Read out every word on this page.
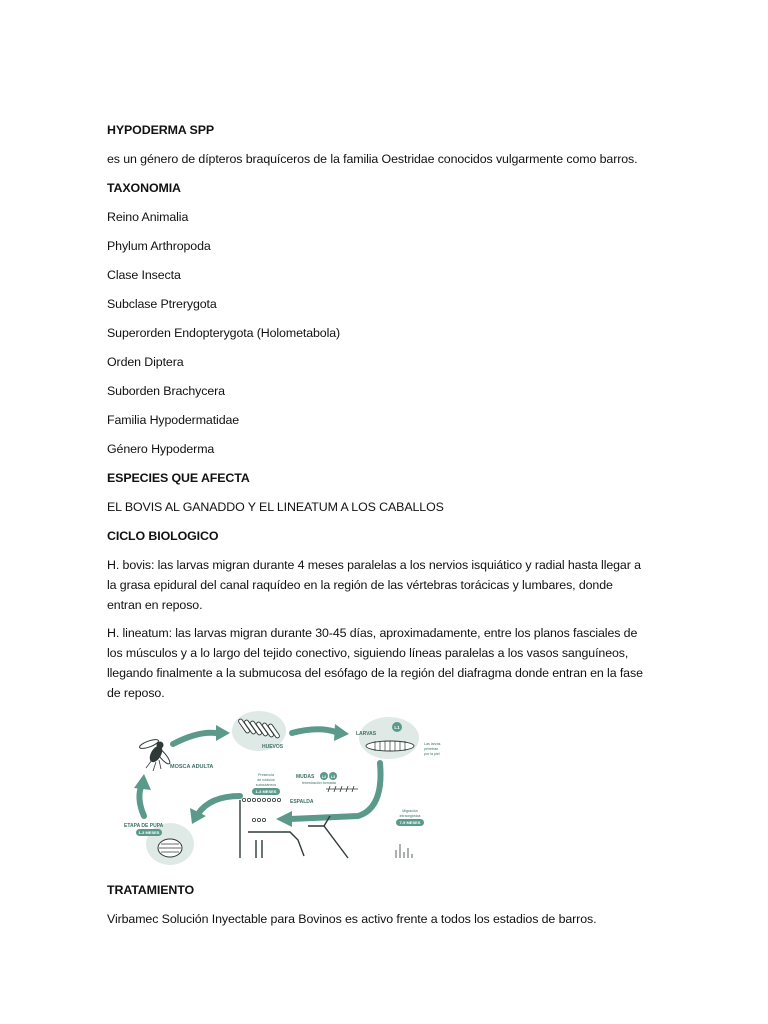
HYPODERMA SPP
es un género de dípteros braquíceros de la familia Oestridae conocidos vulgarmente como barros.
TAXONOMIA
Reino Animalia
Phylum Arthropoda
Clase Insecta
Subclase Ptrerygota
Superorden Endopterygota (Holometabola)
Orden Diptera
Suborden Brachycera
Familia Hypodermatidae
Género Hypoderma
ESPECIES QUE AFECTA
EL BOVIS AL GANADDO Y EL LINEATUM A LOS CABALLOS
CICLO BIOLOGICO
H. bovis: las larvas migran durante 4 meses paralelas a los nervios isquiático y radial hasta llegar a
la grasa epidural del canal raquídeo en la región de las vértebras torácicas y lumbares, donde
entran en reposo.
H. lineatum: las larvas migran durante 30-45 días, aproximadamente, entre los planos fasciales de
los músculos y a lo largo del tejido conectivo, siguiendo líneas paralelas a los vasos sanguíneos,
llegando finalmente a la submucosa del esófago de la región del diafragma donde entran en la fase
de reposo.
MOSCA ADULTA
HUEVOS
LARVAS
L1
Las larvas
penetran
por la piel
MUDAS L2 L3
fenestración formada
ESPALDA
Presencia
de nódulos
subcutáneos
1-3 MESES
Migración
intraorgánica
7-9 MESES
ETAPA DE PUPA
1-3 MESES
TRATAMIENTO
Virbamec Solución Inyectable para Bovinos es activo frente a todos los estadios de barros.
